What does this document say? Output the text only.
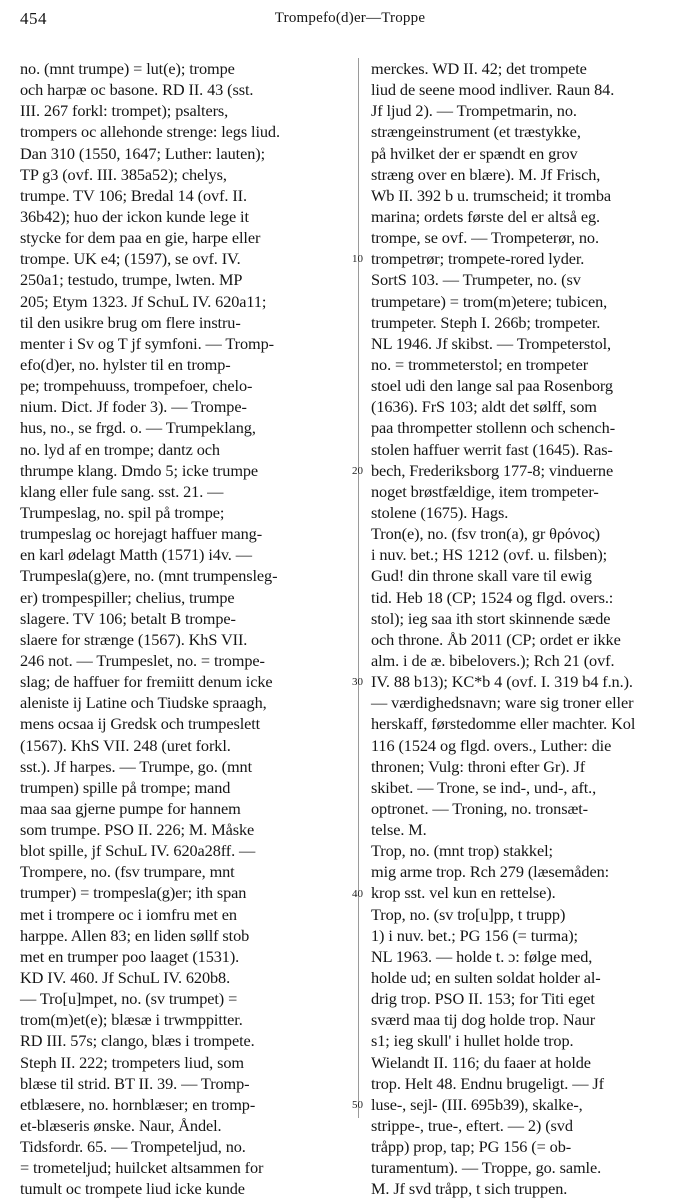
454	Trompefo(d)er—Troppe
no. (mnt trumpe) = lut(e); trompe
och harpæ oc basone. RD II. 43 (sst.
III. 267 forkl: trompet); psalters,
trompers oc allehonde strenge: legs liud.
Dan 310 (1550, 1647; Luther: lauten);
TP g3 (ovf. III. 385a52); chelys,
trumpe. TV 106; Bredal 14 (ovf. II.
36b42); huo der ickon kunde lege it
stycke for dem paa en gie, harpe eller
trompe. UK e4; (1597), se ovf. IV.
250a1; testudo, trumpe, lwten. MP
205; Etym 1323. Jf SchuL IV. 620a11;
til den usikre brug om flere instru-
menter i Sv og T jf symfoni. — Tromp-
efo(d)er, no. hylster til en tromp-
pe; trompehuuss, trompefoer, chelo-
nium. Dict. Jf foder 3). — Trompe-
hus, no., se frgd. o. — Trumpeklang,
no. lyd af en trompe; dantz och
thrumpe klang. Dmdo 5; icke trumpe
klang eller fule sang. sst. 21. —
Trumpeslag, no. spil på trompe;
trumpeslag oc horejagt haffuer mang-
en karl ødelagt Matth (1571) i4v. —
Trumpesla(g)ere, no. (mnt trumpensleg-
er) trompespiller; chelius, trumpe
slagere. TV 106; betalt B trompe-
slaere for strænge (1567). KhS VII.
246 not. — Trumpeslet, no. = trompe-
slag; de haffuer for fremiitt denum icke
aleniste ij Latine och Tiudske spraagh,
mens ocsaa ij Gredsk och trumpeslett
(1567). KhS VII. 248 (uret forkl.
sst.). Jf harpes. — Trumpe, go. (mnt
trumpen) spille på trompe; mand
maa saa gjerne pumpe for hannem
som trumpe. PSO II. 226; M. Måske
blot spille, jf SchuL IV. 620a28ff. —
Trompere, no. (fsv trumpare, mnt
trumper) = trompesla(g)er; ith span
met i trompere oc i iomfru met en
harppe. Allen 83; en liden søllf stob
met en trumper poo laaget (1531).
KD IV. 460. Jf SchuL IV. 620b8.
— Tro[u]mpet, no. (sv trumpet) =
trom(m)et(e); blæsæ i trwmppitter.
RD III. 57s; clango, blæs i trompete.
Steph II. 222; trompeters liud, som
blæse til strid. BT II. 39. — Tromp-
etblæsere, no. hornblæser; en tromp-
et-blæseris ønske. Naur, Åndel.
Tidsfordr. 65. — Trompeteljud, no.
= trometeljud; huilcket altsammen for
tumult oc trompete liud icke kunde
merckes. WD II. 42; det trompete
liud de seene mood indliver. Raun 84.
Jf ljud 2). — Trompetmarin, no.
strængeinstrument (et træstykke,
på hvilket der er spændt en grov
stræng over en blære). M. Jf Frisch,
Wb II. 392 b u. trumscheid; it tromba
marina; ordets første del er altså eg.
trompe, se ovf. — Trompeterør, no.
trompetrør; trompete-rored lyder.
SortS 103. — Trumpeter, no. (sv
trumpetare) = trom(m)etere; tubicen,
trumpeter. Steph I. 266b; trompeter.
NL 1946. Jf skibst. — Trompeterstol,
no. = trommeterstol; en trompeter
stoel udi den lange sal paa Rosenborg
(1636). FrS 103; aldt det sølff, som
paa thrompetter stollenn och schench-
stolen haffuer werrit fast (1645). Ras-
bech, Frederiksborg 177-8; vinduerne
noget brøstfældige, item trompeter-
stolene (1675). Hags.
Tron(e), no. (fsv tron(a), gr θρόνος)
i nuv. bet.; HS 1212 (ovf. u. filsben);
Gud! din throne skall vare til ewig
tid. Heb 18 (CP; 1524 og flgd. overs.:
stol); ieg saa ith stort skinnende sæde
och throne. Åb 2011 (CP; ordet er ikke
alm. i de æ. bibelovers.); Rch 21 (ovf.
IV. 88 b13); KC*b 4 (ovf. I. 319 b4 f.n.).
— værdighedsnavn; ware sig troner eller
herskaff, førstedomme eller machter. Kol
116 (1524 og flgd. overs., Luther: die
thronen; Vulg: throni efter Gr). Jf
skibet. — Trone, se ind-, und-, aft.,
optronet. — Troning, no. tronsæt-
telse. M.
Trop, no. (mnt trop) stakkel;
mig arme trop. Rch 279 (læsemåden:
krop sst. vel kun en rettelse).
Trop, no. (sv tro[u]pp, t trupp)
1) i nuv. bet.; PG 156 (= turma);
NL 1963. — holde t. ɔ: følge med,
holde ud; en sulten soldat holder al-
drig trop. PSO II. 153; for Titi eget
sværd maa tij dog holde trop. Naur
s1; ieg skull' i hullet holde trop.
Wielandt II. 116; du faaer at holde
trop. Helt 48. Endnu brugeligt. — Jf
luse-, sejl- (III. 695b39), skalke-,
strippe-, true-, eftert. — 2) (svd
tråpp) prop, tap; PG 156 (= ob-
turamentum). — Troppe, go. samle.
M. Jf svd tråpp, t sich truppen.
10
20
30
40
50
